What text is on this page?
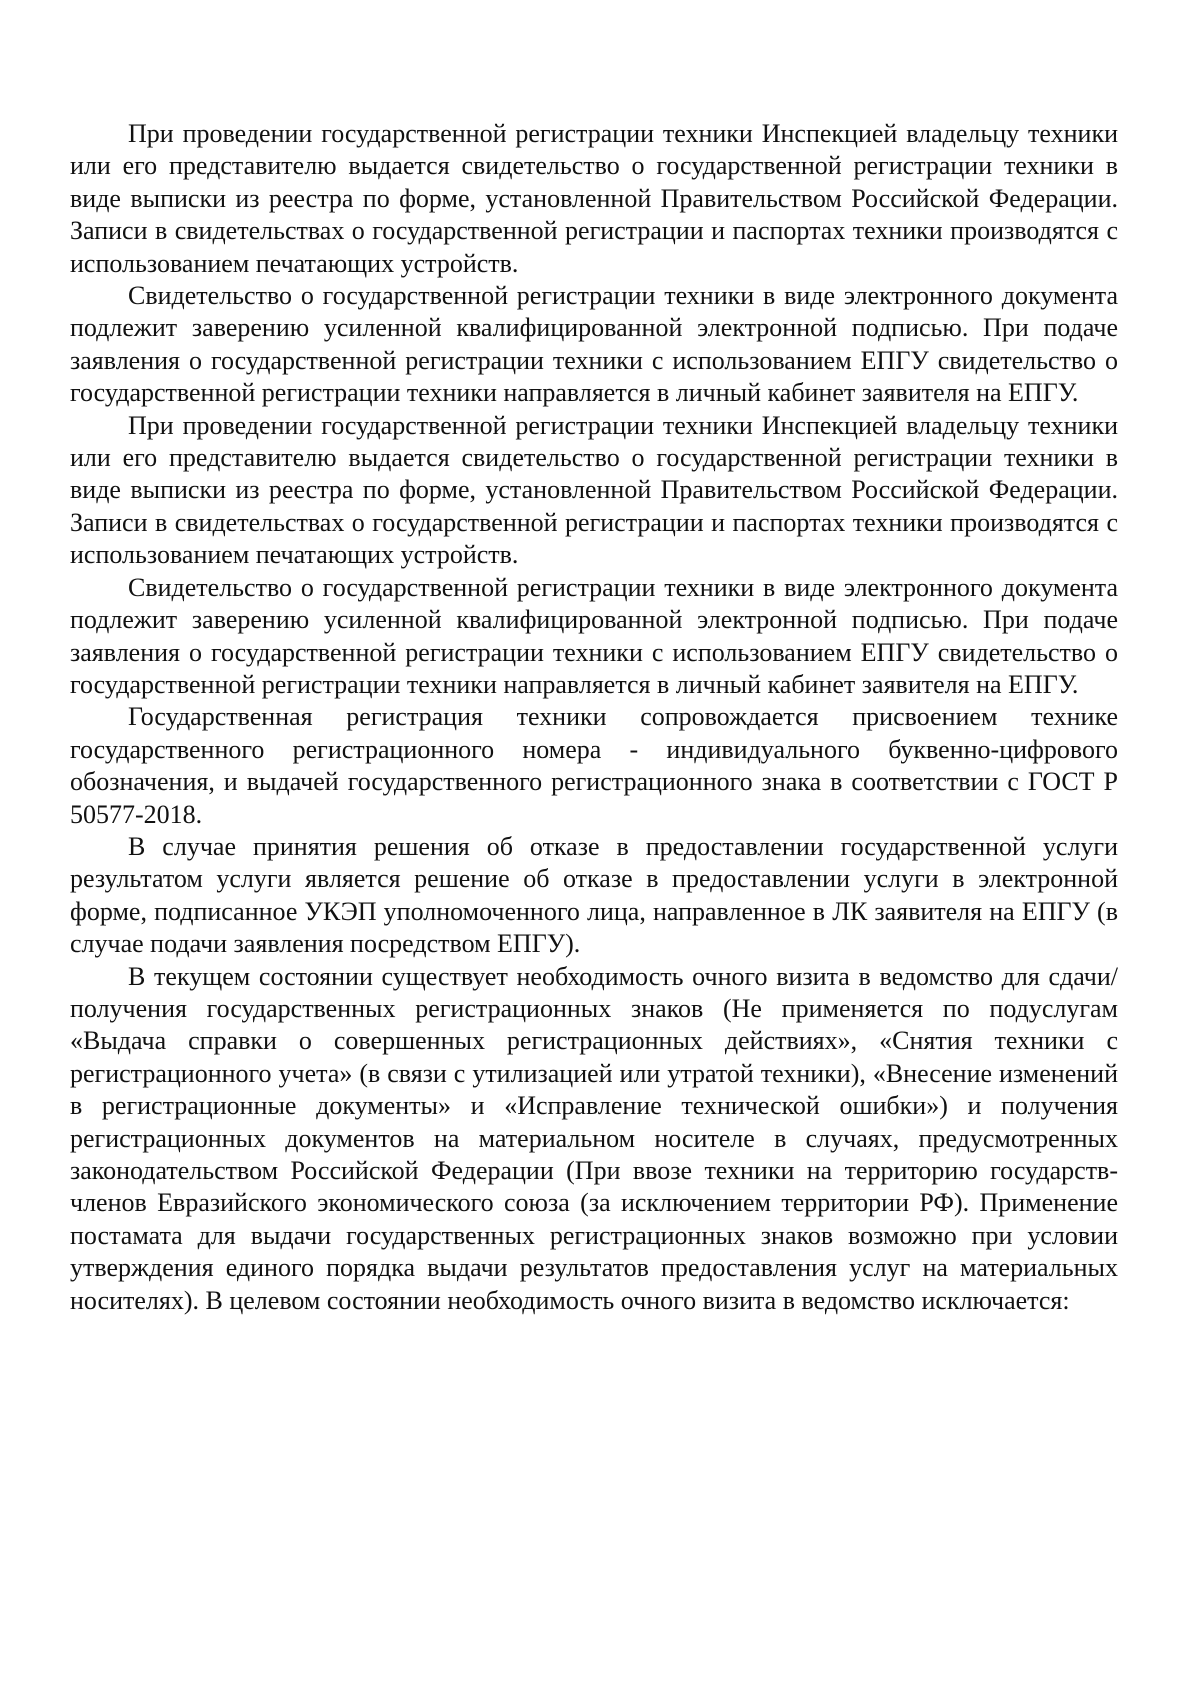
При проведении государственной регистрации техники Инспекцией владельцу техники или его представителю выдается свидетельство о государственной регистрации техники в виде выписки из реестра по форме, установленной Правительством Российской Федерации. Записи в свидетельствах о государственной регистрации и паспортах техники производятся с использованием печатающих устройств.

Свидетельство о государственной регистрации техники в виде электронного документа подлежит заверению усиленной квалифицированной электронной подписью. При подаче заявления о государственной регистрации техники с использованием ЕПГУ свидетельство о государственной регистрации техники направляется в личный кабинет заявителя на ЕПГУ.

При проведении государственной регистрации техники Инспекцией владельцу техники или его представителю выдается свидетельство о государственной регистрации техники в виде выписки из реестра по форме, установленной Правительством Российской Федерации. Записи в свидетельствах о государственной регистрации и паспортах техники производятся с использованием печатающих устройств.

Свидетельство о государственной регистрации техники в виде электронного документа подлежит заверению усиленной квалифицированной электронной подписью. При подаче заявления о государственной регистрации техники с использованием ЕПГУ свидетельство о государственной регистрации техники направляется в личный кабинет заявителя на ЕПГУ.

Государственная регистрация техники сопровождается присвоением технике государственного регистрационного номера - индивидуального буквенно-цифрового обозначения, и выдачей государственного регистрационного знака в соответствии с ГОСТ Р 50577-2018.

В случае принятия решения об отказе в предоставлении государственной услуги результатом услуги является решение об отказе в предоставлении услуги в электронной форме, подписанное УКЭП уполномоченного лица, направленное в ЛК заявителя на ЕПГУ (в случае подачи заявления посредством ЕПГУ).

В текущем состоянии существует необходимость очного визита в ведомство для сдачи/получения государственных регистрационных знаков (Не применяется по подуслугам «Выдача справки о совершенных регистрационных действиях», «Снятия техники с регистрационного учета» (в связи с утилизацией или утратой техники), «Внесение изменений в регистрационные документы» и «Исправление технической ошибки») и получения регистрационных документов на материальном носителе в случаях, предусмотренных законодательством Российской Федерации (При ввозе техники на территорию государств-членов Евразийского экономического союза (за исключением территории РФ). Применение постамата для выдачи государственных регистрационных знаков возможно при условии утверждения единого порядка выдачи результатов предоставления услуг на материальных носителях). В целевом состоянии необходимость очного визита в ведомство исключается:
